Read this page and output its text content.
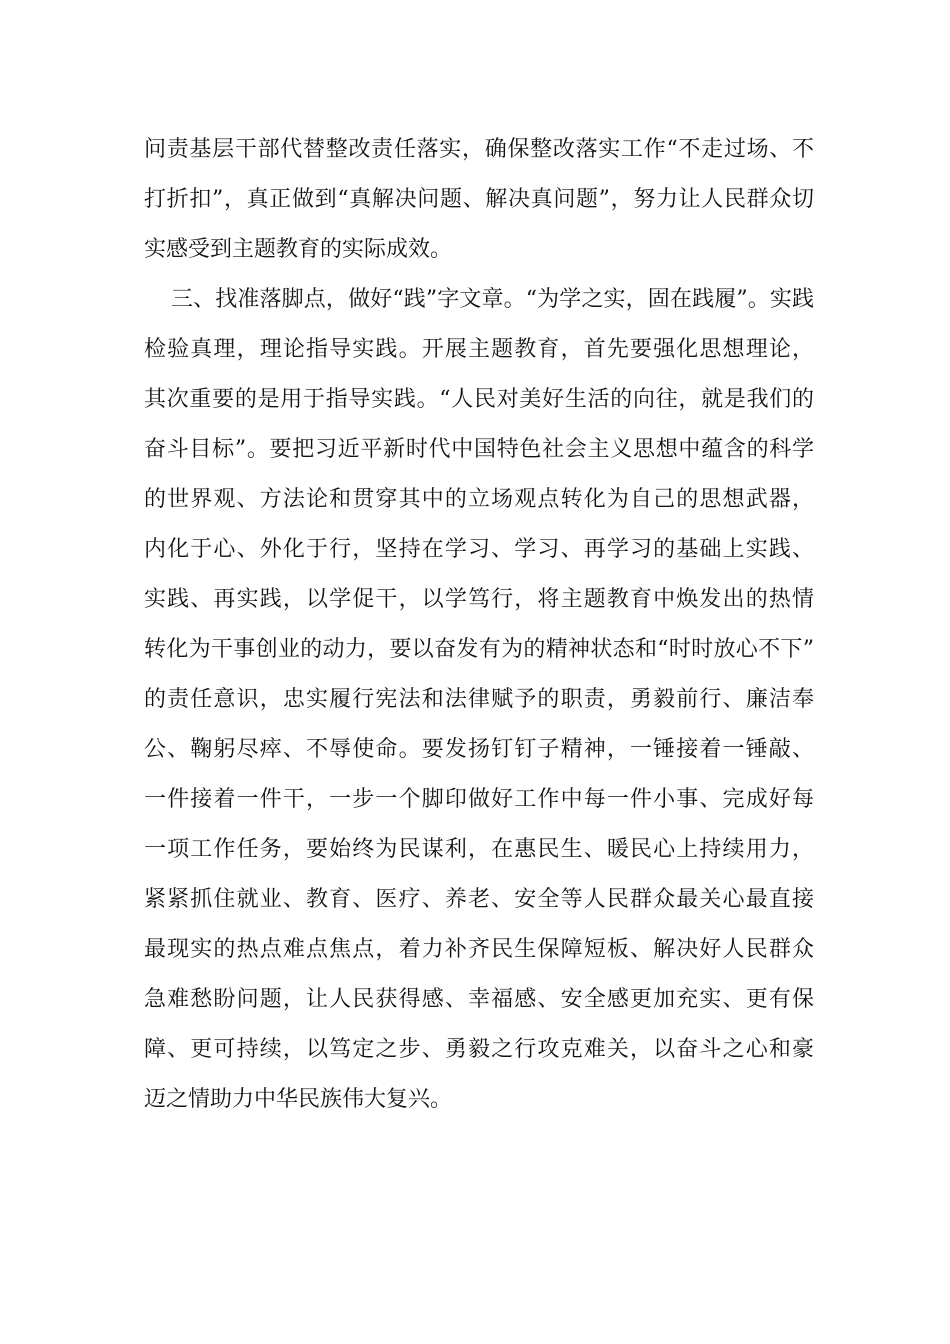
问责基层干部代替整改责任落实，确保整改落实工作“不走过场、不
打折扣”，真正做到“真解决问题、解决真问题”，努力让人民群众切
实感受到主题教育的实际成效。
三、找准落脚点，做好“践”字文章。“为学之实，固在践履”。实践
检验真理，理论指导实践。开展主题教育，首先要强化思想理论，
其次重要的是用于指导实践。“人民对美好生活的向往，就是我们的
奋斗目标”。要把习近平新时代中国特色社会主义思想中蕴含的科学
的世界观、方法论和贯穿其中的立场观点转化为自己的思想武器，
内化于心、外化于行，坚持在学习、学习、再学习的基础上实践、
实践、再实践，以学促干，以学笃行，将主题教育中焕发出的热情
转化为干事创业的动力，要以奋发有为的精神状态和“时时放心不下”
的责任意识，忠实履行宪法和法律赋予的职责，勇毅前行、廉洁奉
公、鞠躬尽瘁、不辱使命。要发扬钉钉子精神，一锤接着一锤敲、
一件接着一件干，一步一个脚印做好工作中每一件小事、完成好每
一项工作任务，要始终为民谋利，在惠民生、暖民心上持续用力，
紧紧抓住就业、教育、医疗、养老、安全等人民群众最关心最直接
最现实的热点难点焦点，着力补齐民生保障短板、解决好人民群众
急难愁盼问题，让人民获得感、幸福感、安全感更加充实、更有保
障、更可持续，以笃定之步、勇毅之行攻克难关，以奋斗之心和豪
迈之情助力中华民族伟大复兴。
